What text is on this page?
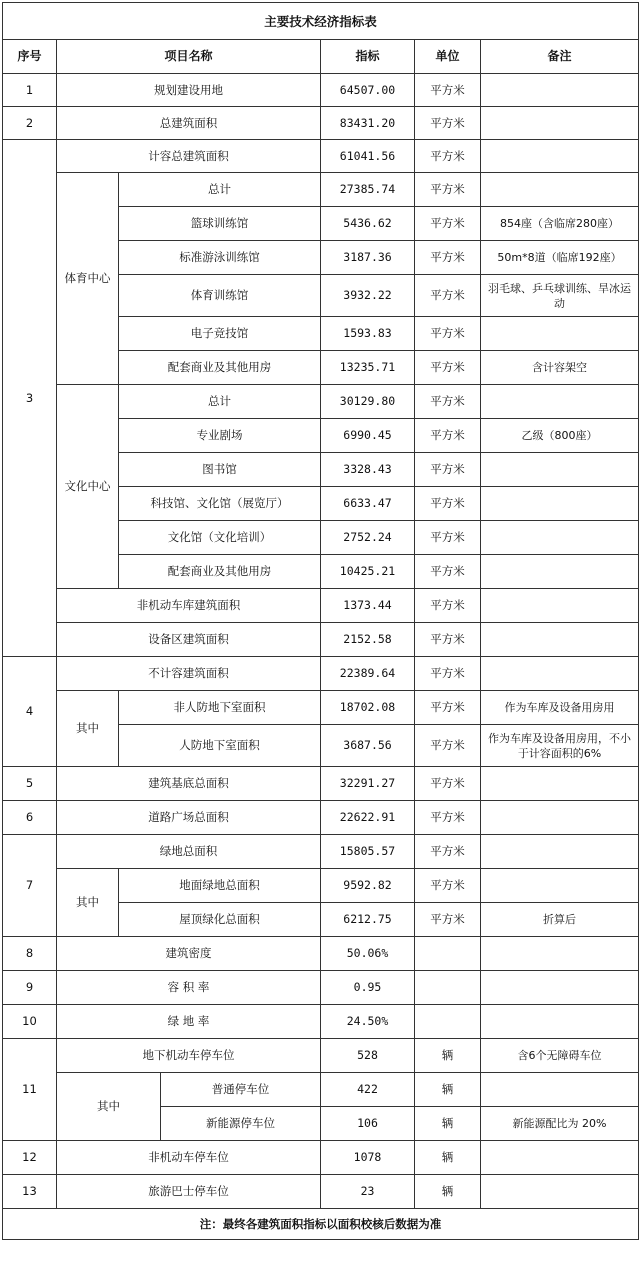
主要技术经济指标表						
序号	项目名称			指标	单位	备注
1	规划建设用地			64507.00	平方米	
2	总建筑面积			83431.20	平方米	
3	计容总建筑面积			61041.56	平方米	
	体育中心	总计		27385.74	平方米	
		篮球训练馆		5436.62	平方米	854座（含临席280座）
		标准游泳训练馆		3187.36	平方米	50m*8道（临席192座）
		体育训练馆		3932.22	平方米	羽毛球、乒乓球训练、旱冰运动
		电子竞技馆		1593.83	平方米	
		配套商业及其他用房		13235.71	平方米	含计容架空
	文化中心	总计		30129.80	平方米	
		专业剧场		6990.45	平方米	乙级（800座）
		图书馆		3328.43	平方米	
		科技馆、文化馆（展览厅）		6633.47	平方米	
		文化馆（文化培训）		2752.24	平方米	
		配套商业及其他用房		10425.21	平方米	
	非机动车库建筑面积			1373.44	平方米	
	设备区建筑面积			2152.58	平方米	
4	不计容建筑面积			22389.64	平方米	
	其中	非人防地下室面积		18702.08	平方米	作为车库及设备用房用
		人防地下室面积		3687.56	平方米	作为车库及设备用房用，不小于计容面积的6%
5	建筑基底总面积			32291.27	平方米	
6	道路广场总面积			22622.91	平方米	
7	绿地总面积			15805.57	平方米	
	其中	地面绿地总面积		9592.82	平方米	
		屋顶绿化总面积		6212.75	平方米	折算后
8	建筑密度			50.06%		
9	容 积 率			0.95		
10	绿 地 率			24.50%		
11	地下机动车停车位			528	辆	含6个无障碍车位
	其中		普通停车位	422	辆	
			新能源停车位	106	辆	新能源配比为 20%
12	非机动车停车位			1078	辆	
13	旅游巴士停车位			23	辆	
注：最终各建筑面积指标以面积校核后数据为准						
